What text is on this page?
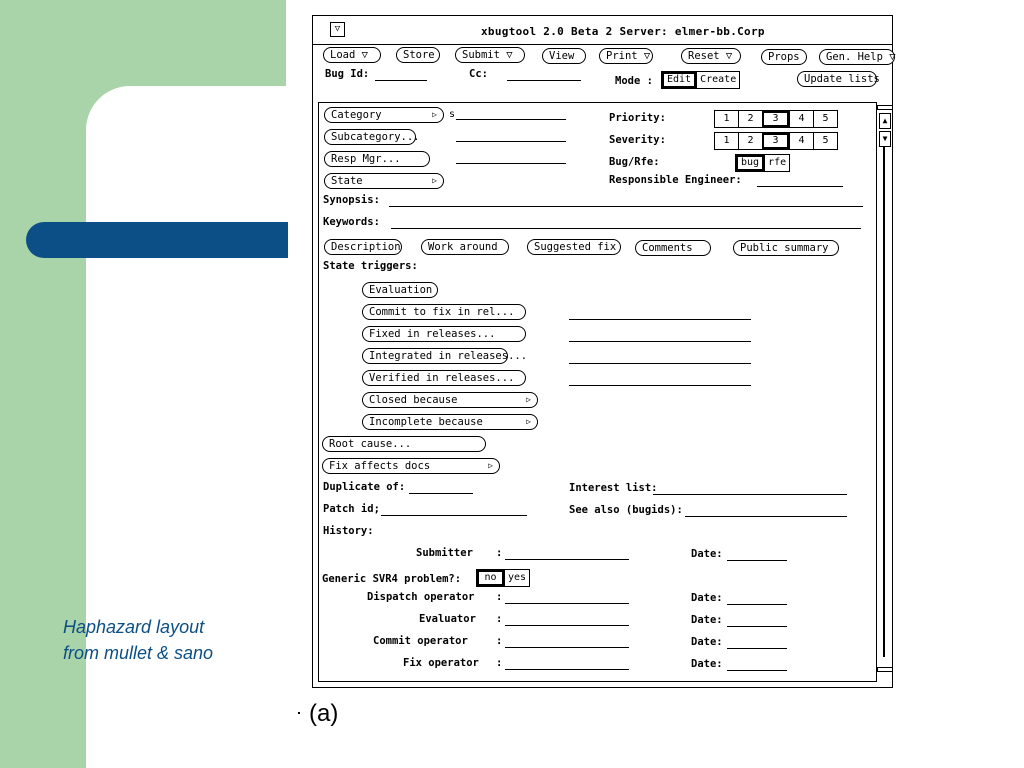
Haphazard layout
from mullet & sano
(a)
▽	xbugtool 2.0 Beta 2 Server: elmer-bb.Corp
Load ▽	Store	Submit ▽	View	Print ▽	Reset ▽	Props	Gen. Help ▽
Bug Id:	Cc:
Mode :	Edit Create	Update lists
▲
▼
Category	▷ s
Subcategory...
Resp Mgr...
State	▷
Priority:	1	2	3	4	5
Severity:	1	2	3	4	5
Bug/Rfe:	bug rfe
Responsible Engineer:
Synopsis:
Keywords:
Description	Work around	Suggested fix	Comments	Public summary
State triggers:
Evaluation
Commit to fix in rel...
Fixed in releases...
Integrated in releases...
Verified in releases...
Closed because	▷
Incomplete because	▷
Root cause...
Fix affects docs	▷
Duplicate of:	Interest list:
Patch id;	See also (bugids):
History:
Submitter :	Date:
Generic SVR4 problem?:	no	yes
Dispatch operator :	Date:
Evaluator :	Date:
Commit operator	:	Date:
Fix operator :	Date:
